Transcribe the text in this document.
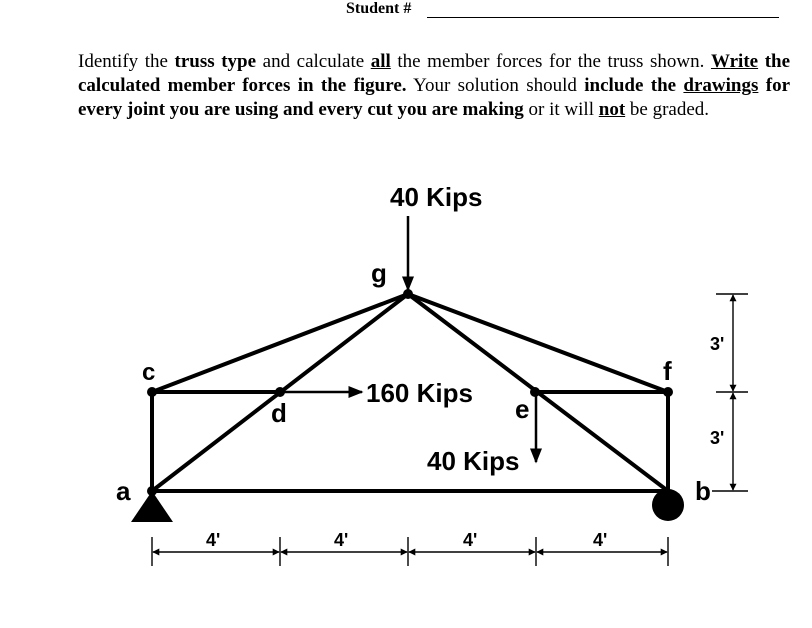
Student #
Identify the truss type and calculate all the member forces for the truss shown. Write the calculated member forces in the figure. Your solution should include the drawings for every joint you are using and every cut you are making or it will not be graded.
40 Kips
160 Kips
40 Kips
a	b
c
d	e
f
g
4'	4'	4'	4'
3'
3'
